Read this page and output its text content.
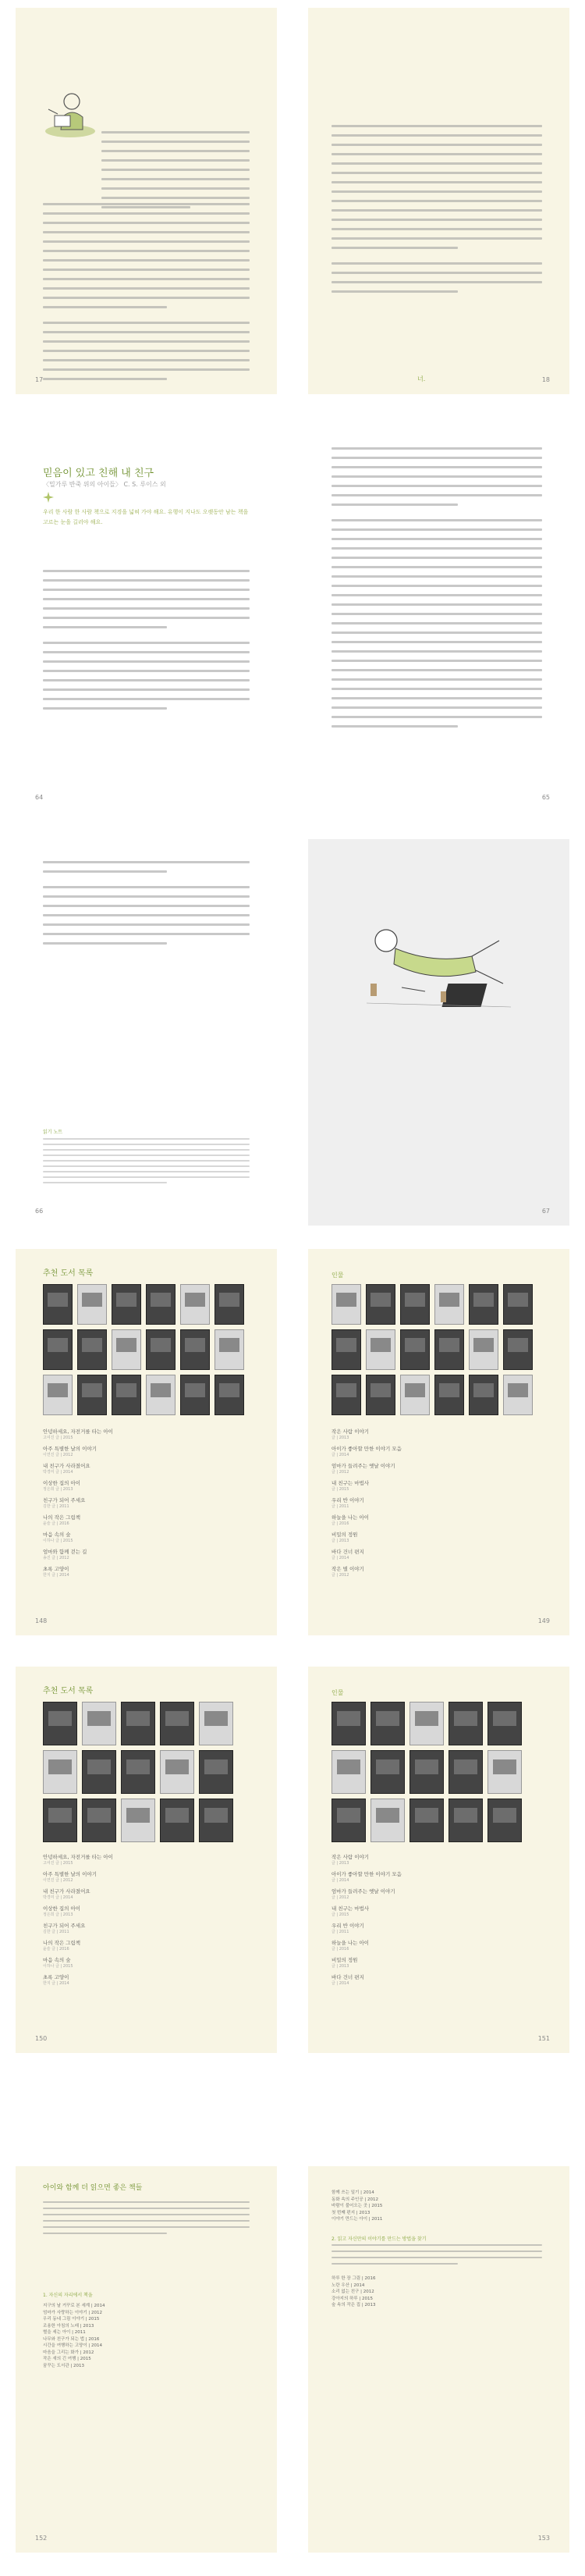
17	너.	18
믿음이 있고 친해 내 친구
〈밀가루 반죽 위의 아이들〉 C. S. 루이스 외
우리 한 사람 한 사람 책으로 지경을 넓혀 가야 해요. 유행이 지나도 오랫동안 남는 책을 고르는 눈을 길러야 해요.
64	65
읽기 노트
66	67
추천 도서 목록
안녕하세요, 자전거를 타는 아이
고여진 글 | 2015
아주 특별한 날의 이야기
이연진 글 | 2012
내 친구가 사라졌어요
박경미 글 | 2014
이상한 집의 아이
정은희 글 | 2013
친구가 되어 주세요
김한 글 | 2011
나의 작은 그림책
윤슬 글 | 2016
마음 속의 숲
이하나 글 | 2015
엄마와 함께 걷는 길
송진 글 | 2012
초록 고양이
한지 글 | 2014
148
인물
작은 사람 이야기
글 | 2013
아이가 좋아할 만한 이야기 모음
글 | 2014
엄마가 들려주는 옛날 이야기
글 | 2012
내 친구는 마법사
글 | 2015
우리 반 이야기
글 | 2011
하늘을 나는 아이
글 | 2016
비밀의 정원
글 | 2013
바다 건너 편지
글 | 2014
작은 별 이야기
글 | 2012
149
추천 도서 목록
안녕하세요, 자전거를 타는 아이
고여진 글 | 2015
아주 특별한 날의 이야기
이연진 글 | 2012
내 친구가 사라졌어요
박경미 글 | 2014
이상한 집의 아이
정은희 글 | 2013
친구가 되어 주세요
김한 글 | 2011
나의 작은 그림책
윤슬 글 | 2016
마음 속의 숲
이하나 글 | 2015
초록 고양이
한지 글 | 2014
150
인물
작은 사람 이야기
글 | 2013
아이가 좋아할 만한 이야기 모음
글 | 2014
엄마가 들려주는 옛날 이야기
글 | 2012
내 친구는 마법사
글 | 2015
우리 반 이야기
글 | 2011
하늘을 나는 아이
글 | 2016
비밀의 정원
글 | 2013
바다 건너 편지
글 | 2014
151
아이와 함께 더 읽으면 좋은 책들
1. 자신의 자리에서 책을
지구의 날 거꾸로 본 세계 | 2014
엄마가 사랑하는 이야기 | 2012
우리 동네 그림 이야기 | 2015
조용한 아침의 노래 | 2013
별을 세는 아이 | 2011
나무와 친구가 되는 법 | 2016
시간을 여행하는 고양이 | 2014
마음을 그리는 화가 | 2012
작은 새의 긴 여행 | 2015
꿈꾸는 도서관 | 2013
152
함께 쓰는 일기 | 2014
동화 속의 주인공 | 2012
바람이 불어오는 곳 | 2015
첫 번째 편지 | 2013
이야기 만드는 아이 | 2011
2. 읽고 자신만의 이야기를 만드는 방법을 찾기
하루 한 장 그림 | 2016
노란 우산 | 2014
소리 없는 친구 | 2012
강아지의 하루 | 2015
숲 속의 작은 집 | 2013
153
